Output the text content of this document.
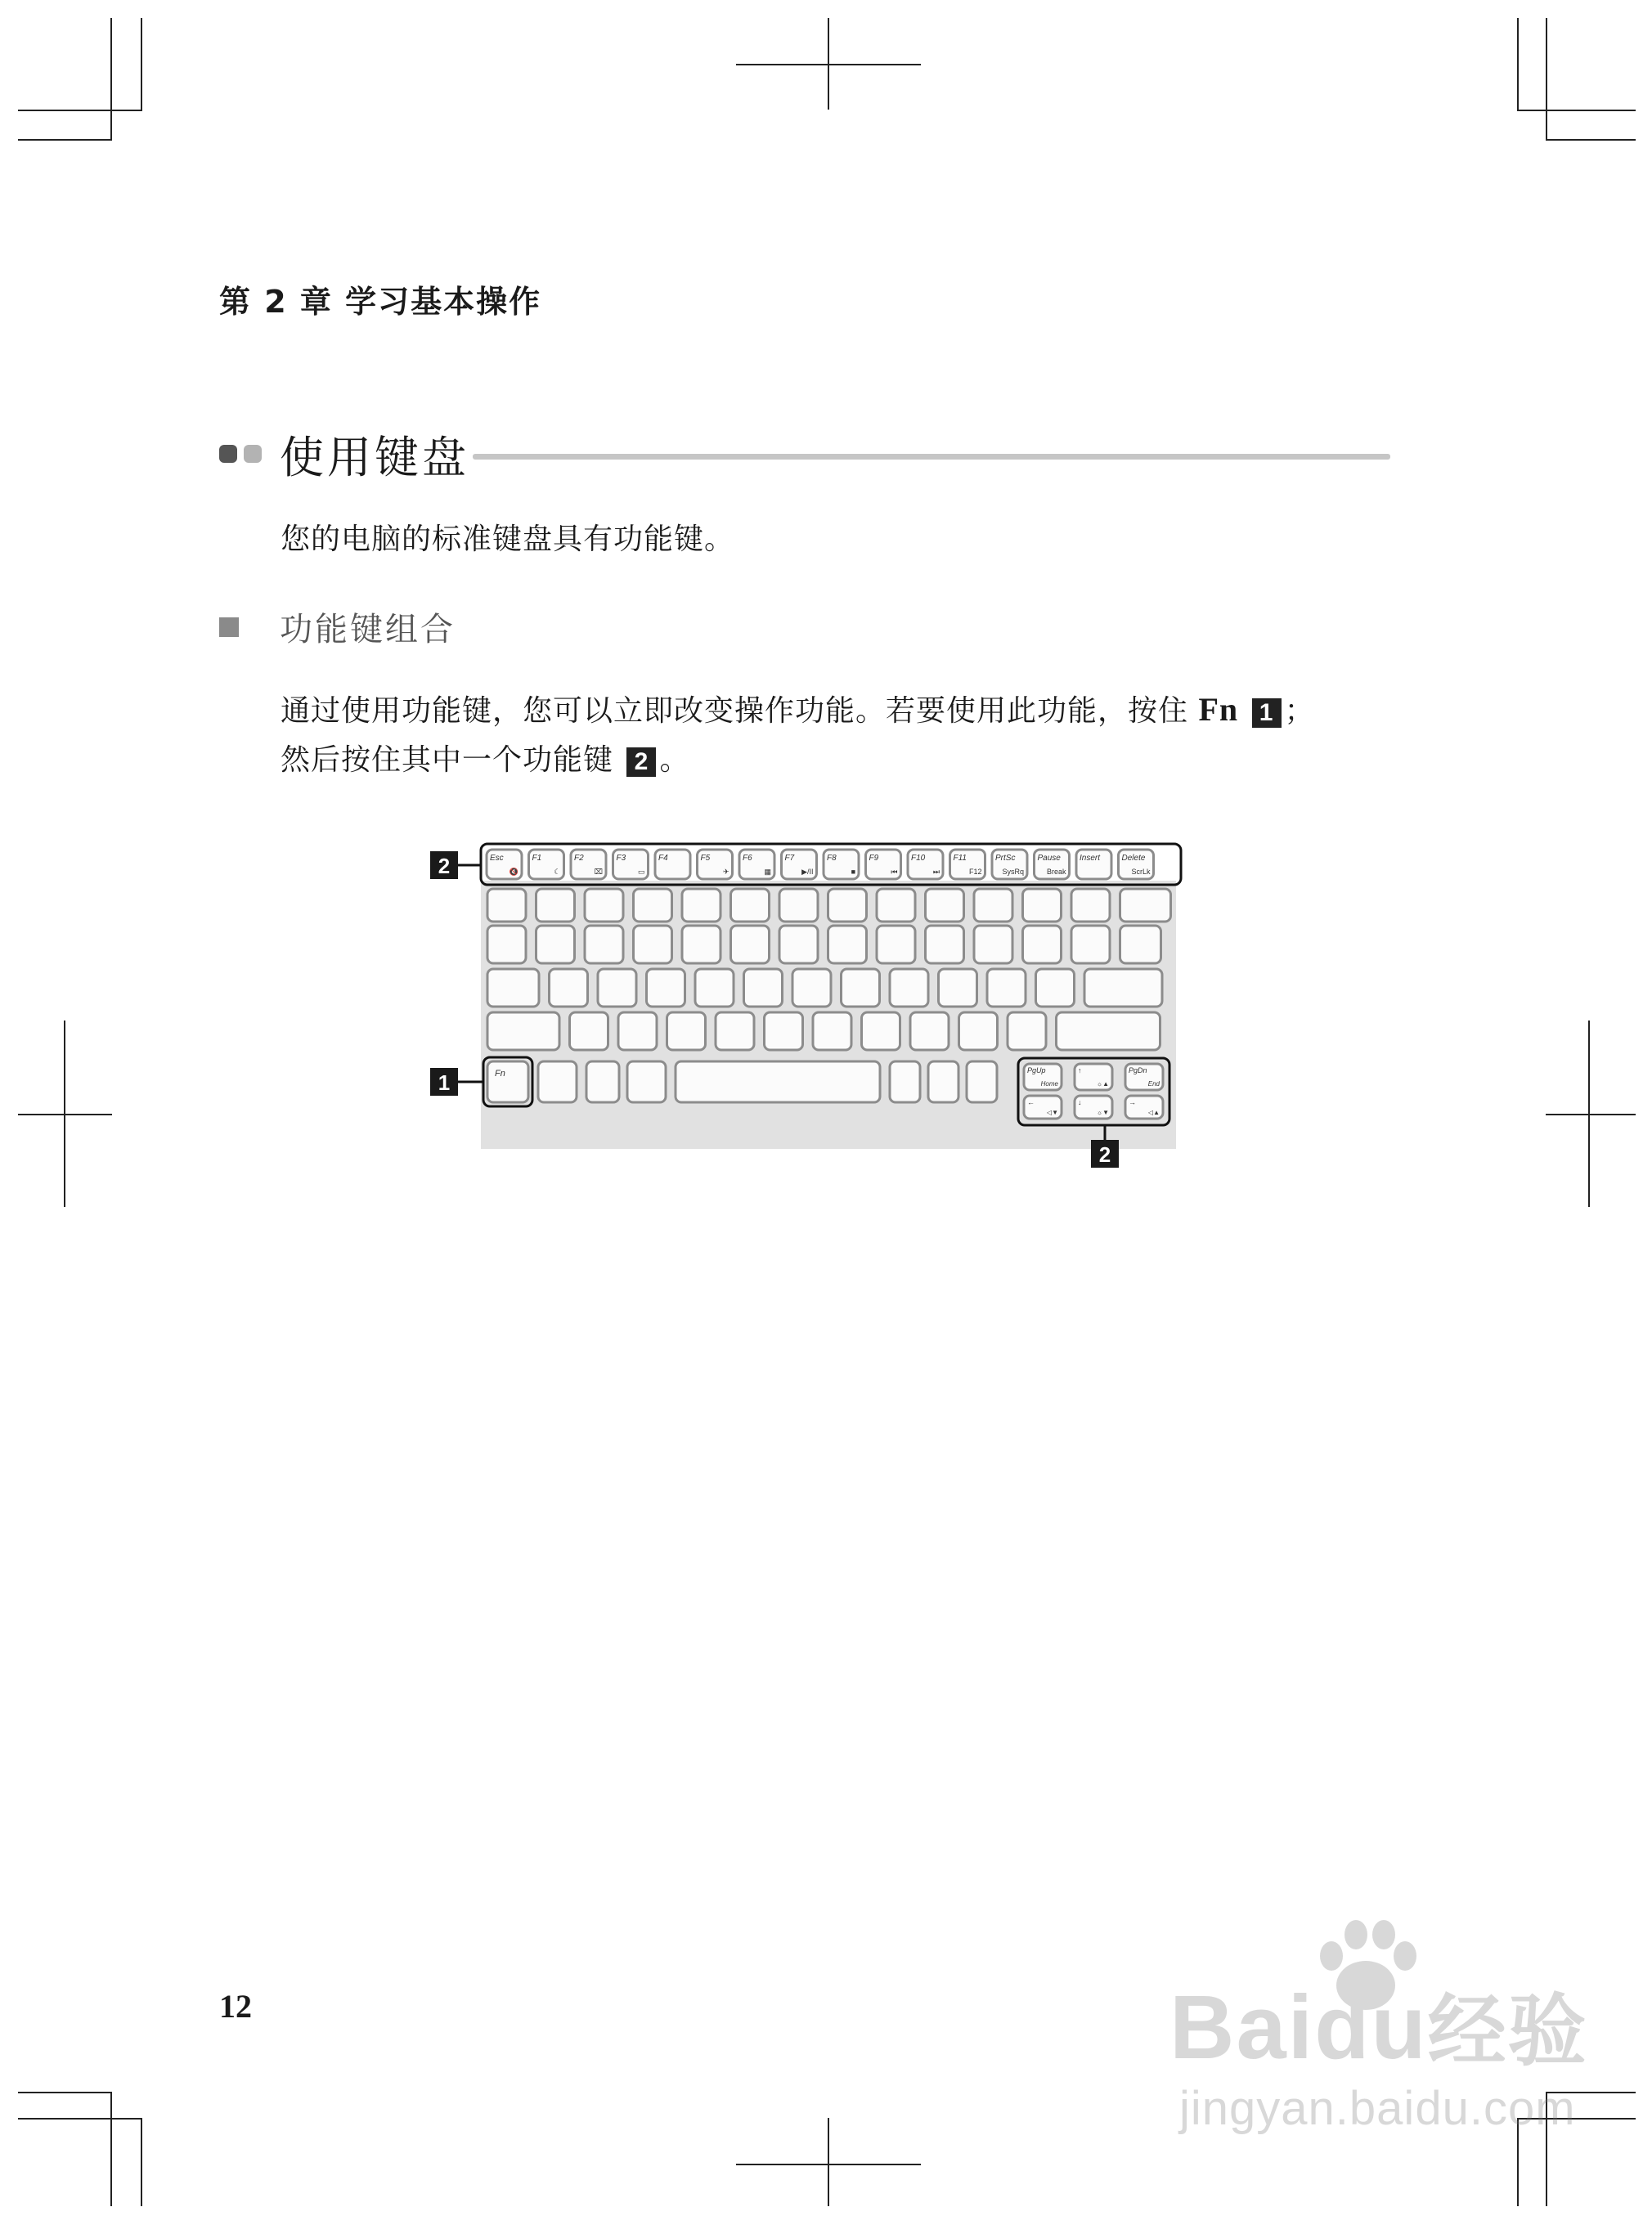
第 2 章 学习基本操作
使用键盘
您的电脑的标准键盘具有功能键。
功能键组合
通过使用功能键，您可以立即改变操作功能。若要使用此功能，按住 Fn 1 ；
然后按住其中一个功能键 2 。
Esc
🔇
F1
☾
F2
⌧
F3
▭
F4	F5
✈
F6
▦
F7
▶/II
F8
■
F9
⏮
F10
⏭
F11
F12
PrtSc
SysRq
Pause
Break
Insert	Delete
ScrLk
Fn	PgUp
Home
↑
☼▲
PgDn
End
←
◁▼
↓
☼▼
→
◁▲
2
1
2
12	Baidu经验
jingyan.baidu.com
